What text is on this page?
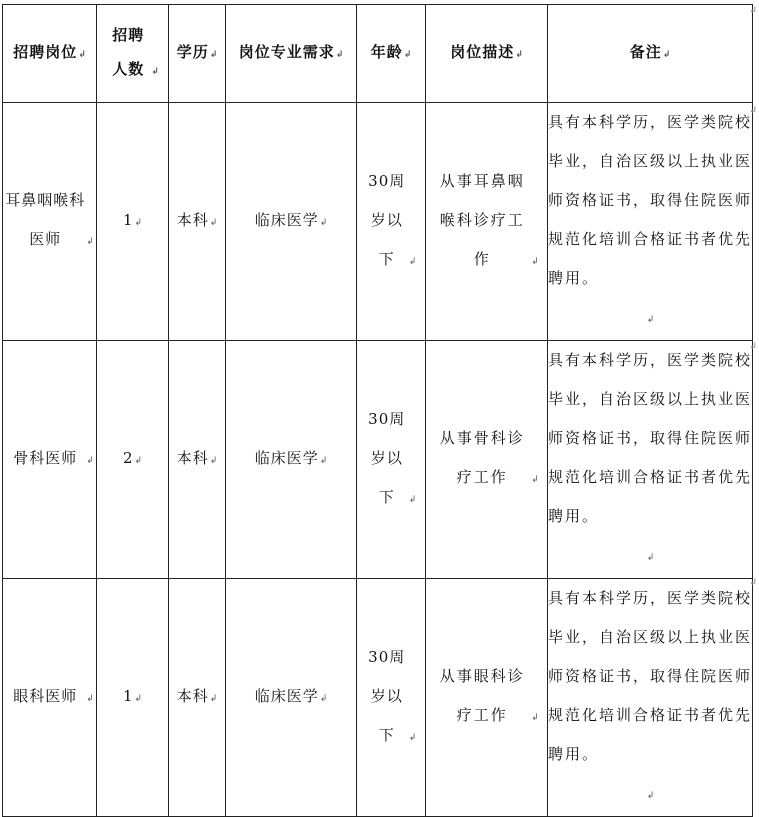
招聘岗位↲	招聘人数 ↲	学历↲	岗位专业需求↲	年龄↲	岗位描述↲	备注↲
耳鼻咽喉科医师 ↲	1↲	本科↲	临床医学↲	30周岁以下 ↲	从事耳鼻咽喉科诊疗工作 ↲	具有本科学历，医学类院校毕业，自治区级以上执业医师资格证书，取得住院医师规范化培训合格证书者优先聘用。↲
骨科医师 ↲	2↲	本科↲	临床医学↲	30周岁以下 ↲	从事骨科诊疗工作 ↲	具有本科学历，医学类院校毕业，自治区级以上执业医师资格证书，取得住院医师规范化培训合格证书者优先聘用。↲
眼科医师 ↲	1↲	本科↲	临床医学↲	30周岁以下 ↲	从事眼科诊疗工作 ↲	具有本科学历，医学类院校毕业，自治区级以上执业医师资格证书，取得住院医师规范化培训合格证书者优先聘用。↲
↲
↲
↲
↲
